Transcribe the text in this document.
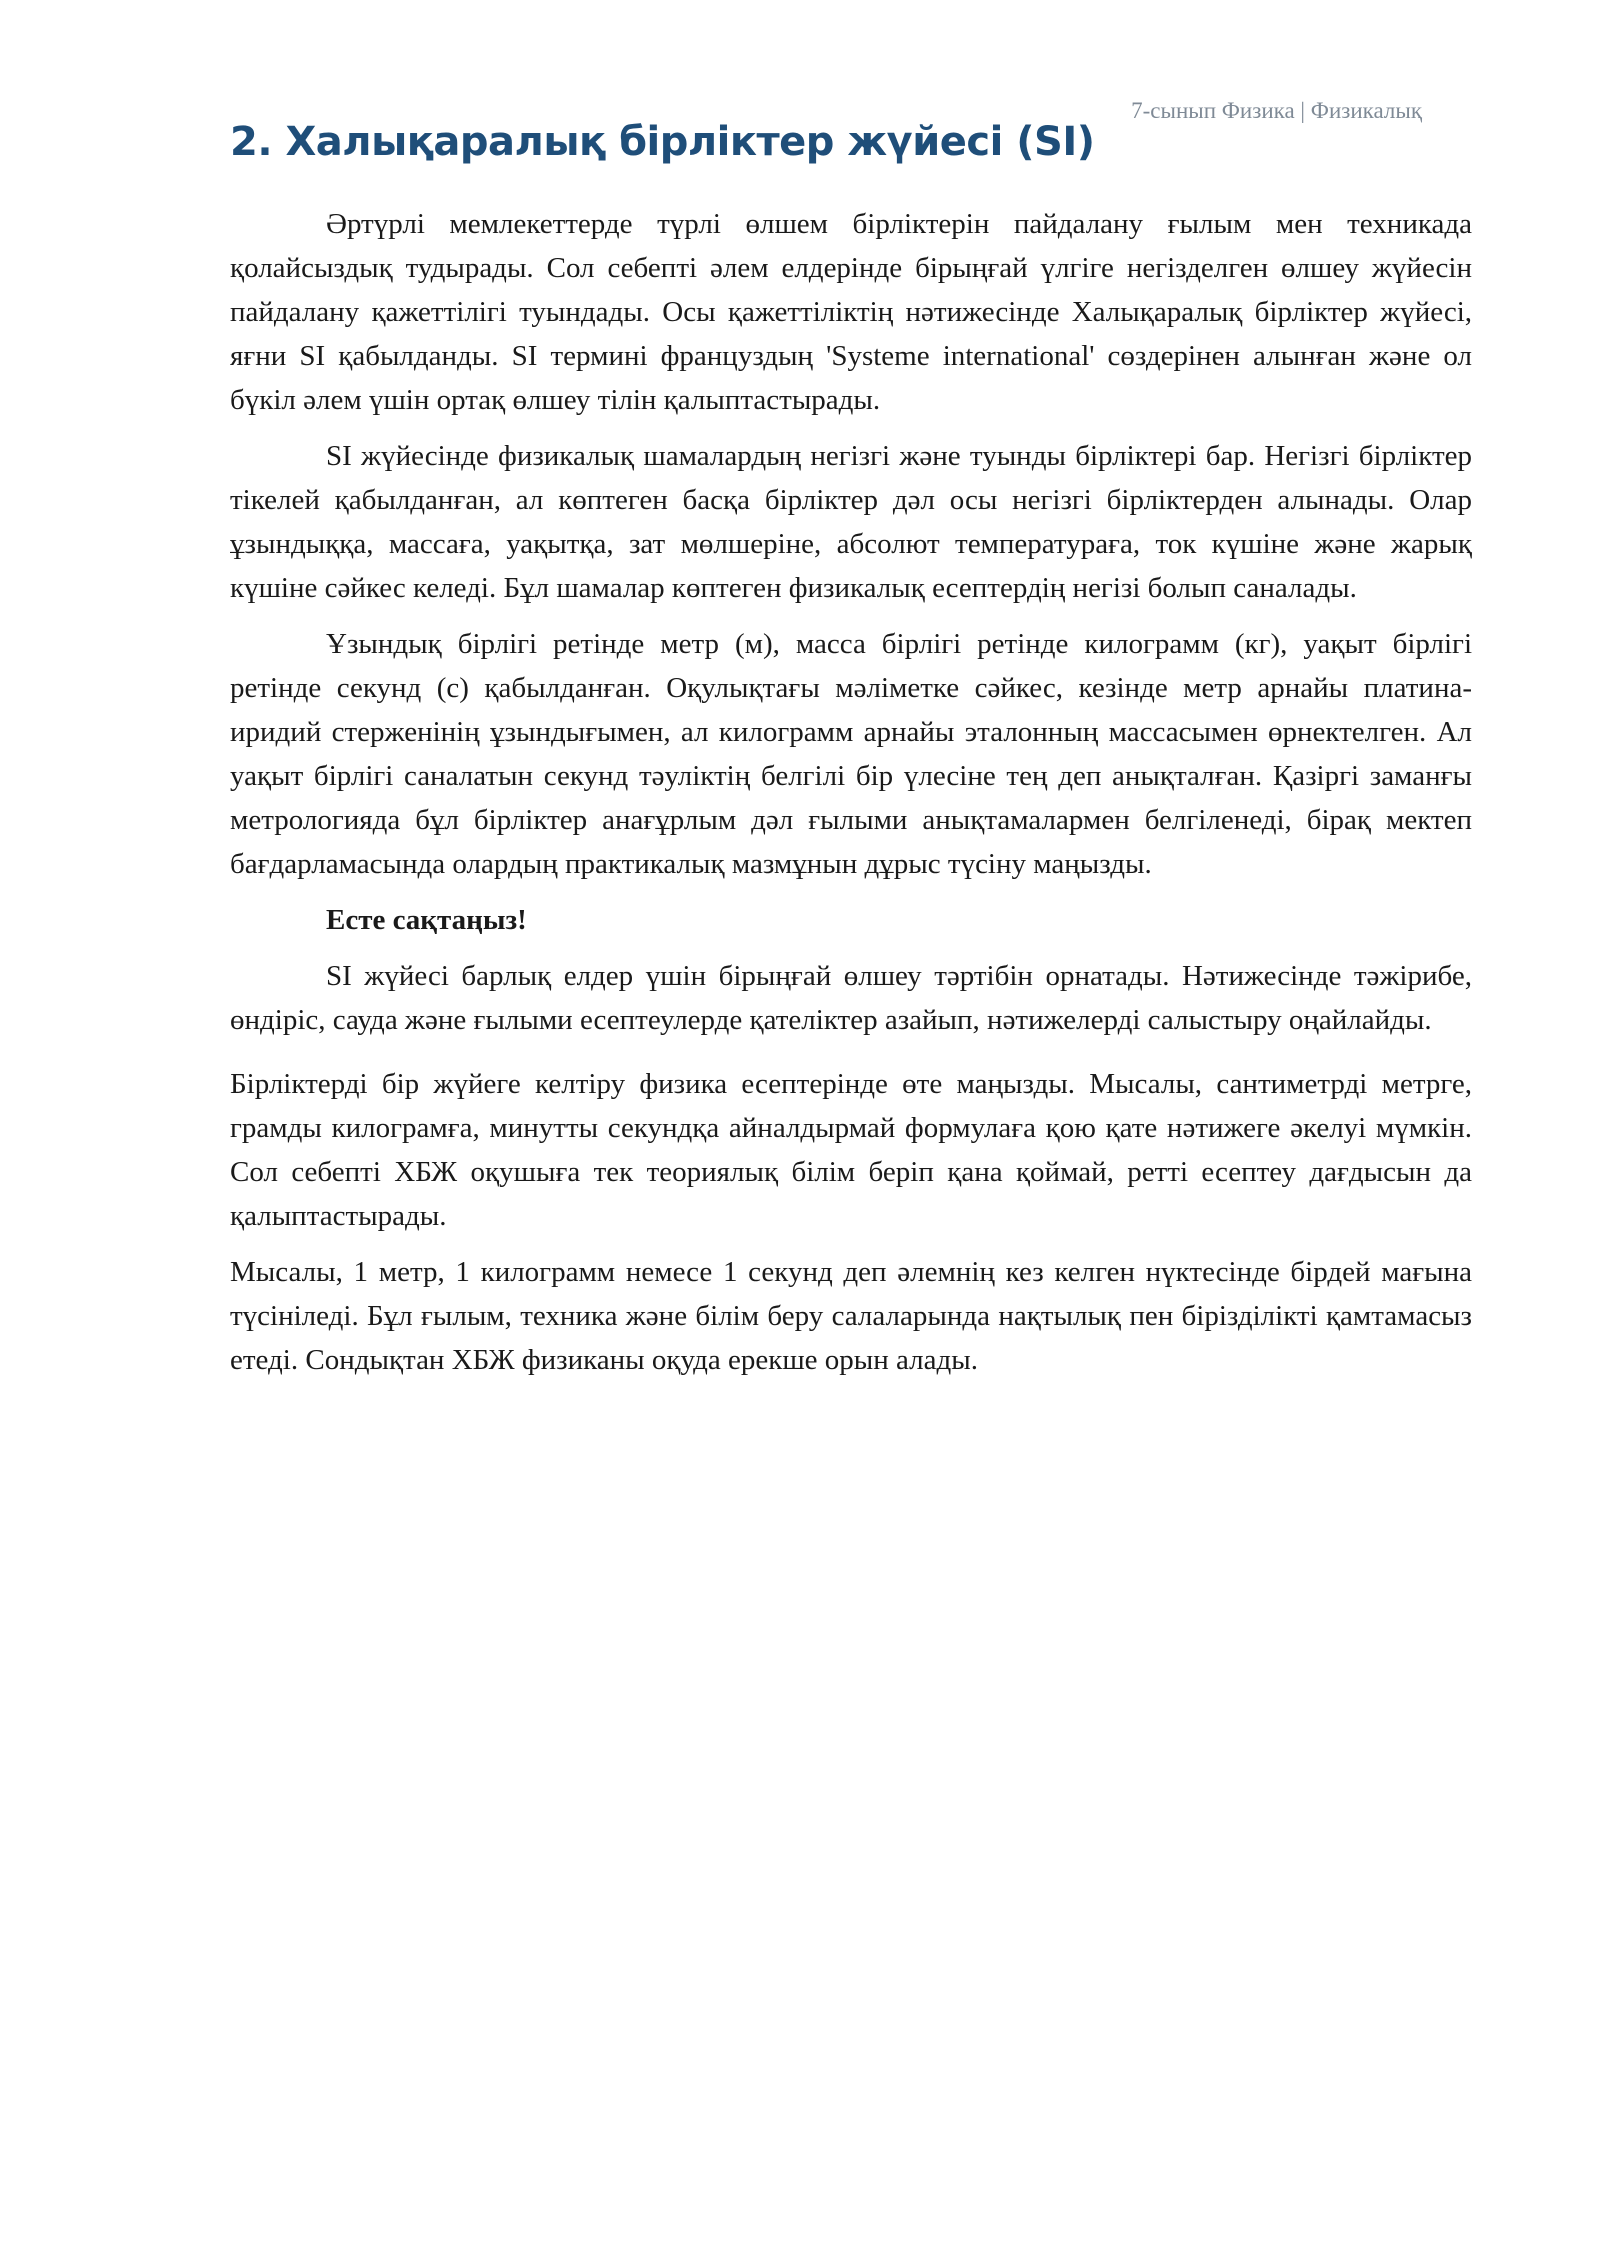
7-сынып Физика | Физикалық
2. Халықаралық бірліктер жүйесі (SI)

Әртүрлі мемлекеттерде түрлі өлшем бірліктерін пайдалану ғылым мен техникада қолайсыздық тудырады. Сол себепті әлем елдерінде бірыңғай үлгіге негізделген өлшеу жүйесін пайдалану қажеттілігі туындады. Осы қажеттіліктің нәтижесінде Халықаралық бірліктер жүйесі, яғни SI қабылданды. SI термині француздың 'Systeme international' сөздерінен алынған және ол бүкіл әлем үшін ортақ өлшеу тілін қалыптастырады.

SI жүйесінде физикалық шамалардың негізгі және туынды бірліктері бар. Негізгі бірліктер тікелей қабылданған, ал көптеген басқа бірліктер дәл осы негізгі бірліктерден алынады. Олар ұзындыққа, массаға, уақытқа, зат мөлшеріне, абсолют температураға, ток күшіне және жарық күшіне сәйкес келеді. Бұл шамалар көптеген физикалық есептердің негізі болып саналады.

Ұзындық бірлігі ретінде метр (м), масса бірлігі ретінде килограмм (кг), уақыт бірлігі ретінде секунд (с) қабылданған. Оқулықтағы мәліметке сәйкес, кезінде метр арнайы платина-иридий стерженінің ұзындығымен, ал килограмм арнайы эталонның массасымен өрнектелген. Ал уақыт бірлігі саналатын секунд тәуліктің белгілі бір үлесіне тең деп анықталған. Қазіргі заманғы метрологияда бұл бірліктер анағұрлым дәл ғылыми анықтамалармен белгіленеді, бірақ мектеп бағдарламасында олардың практикалық мазмұнын дұрыс түсіну маңызды.

Есте сақтаңыз!

SI жүйесі барлық елдер үшін бірыңғай өлшеу тәртібін орнатады. Нәтижесінде тәжірибе, өндіріс, сауда және ғылыми есептеулерде қателіктер азайып, нәтижелерді салыстыру оңайлайды.

Бірліктерді бір жүйеге келтіру физика есептерінде өте маңызды. Мысалы, сантиметрді метрге, грамды килограмға, минутты секундқа айналдырмай формулаға қою қате нәтижеге әкелуі мүмкін. Сол себепті ХБЖ оқушыға тек теориялық білім беріп қана қоймай, ретті есептеу дағдысын да қалыптастырады.

Мысалы, 1 метр, 1 килограмм немесе 1 секунд деп әлемнің кез келген нүктесінде бірдей мағына түсініледі. Бұл ғылым, техника және білім беру салаларында нақтылық пен бірізділікті қамтамасыз етеді. Сондықтан ХБЖ физиканы оқуда ерекше орын алады.
